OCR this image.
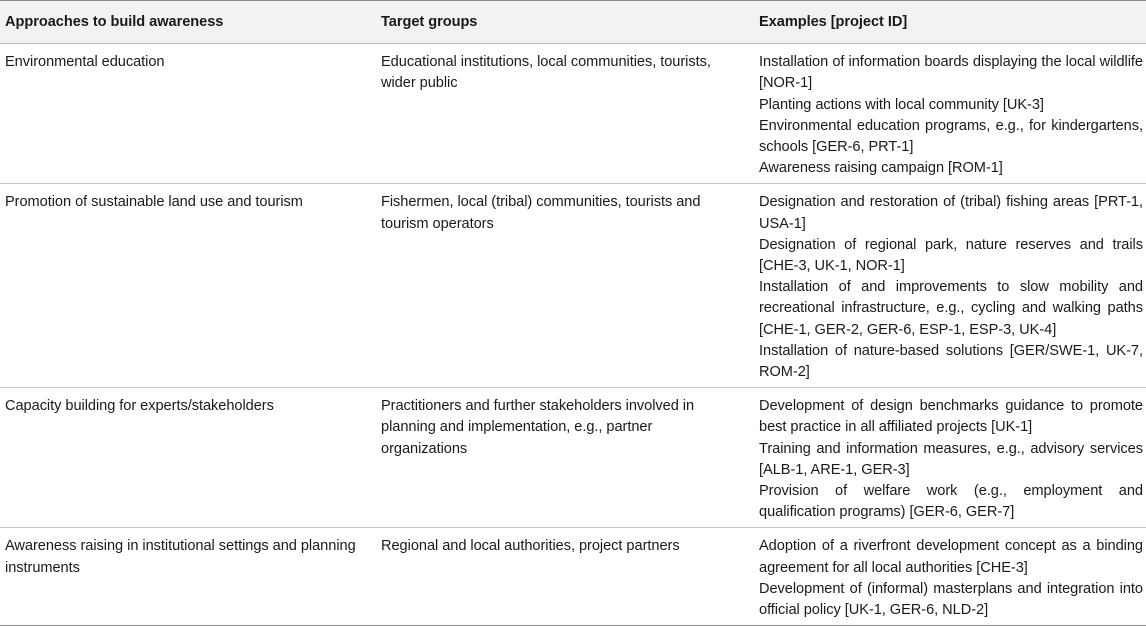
Approaches to build awareness	Target groups	Examples [project ID]
Environmental education	Educational institutions, local communities, tourists, wider public	Installation of information boards displaying the local wildlife [NOR-1]
Planting actions with local community [UK-3]
Environmental education programs, e.g., for kindergartens, schools [GER-6, PRT-1]
Awareness raising campaign [ROM-1]

Promotion of sustainable land use and tourism	Fishermen, local (tribal) communities, tourists and tourism operators	Designation and restoration of (tribal) fishing areas [PRT-1, USA-1]
Designation of regional park, nature reserves and trails [CHE-3, UK-1, NOR-1]
Installation of and improvements to slow mobility and recreational infrastructure, e.g., cycling and walking paths [CHE-1, GER-2, GER-6, ESP-1, ESP-3, UK-4]
Installation of nature-based solutions [GER/SWE-1, UK-7, ROM-2]

Capacity building for experts/stakeholders	Practitioners and further stakeholders involved in planning and implementation, e.g., partner organizations	Development of design benchmarks guidance to promote best practice in all affiliated projects [UK-1]
Training and information measures, e.g., advisory services [ALB-1, ARE-1, GER-3]
Provision of welfare work (e.g., employment and qualification programs) [GER-6, GER-7]

Awareness raising in institutional settings and planning instruments	Regional and local authorities, project partners	Adoption of a riverfront development concept as a binding agreement for all local authorities [CHE-3]
Development of (informal) masterplans and integration into official policy [UK-1, GER-6, NLD-2]
